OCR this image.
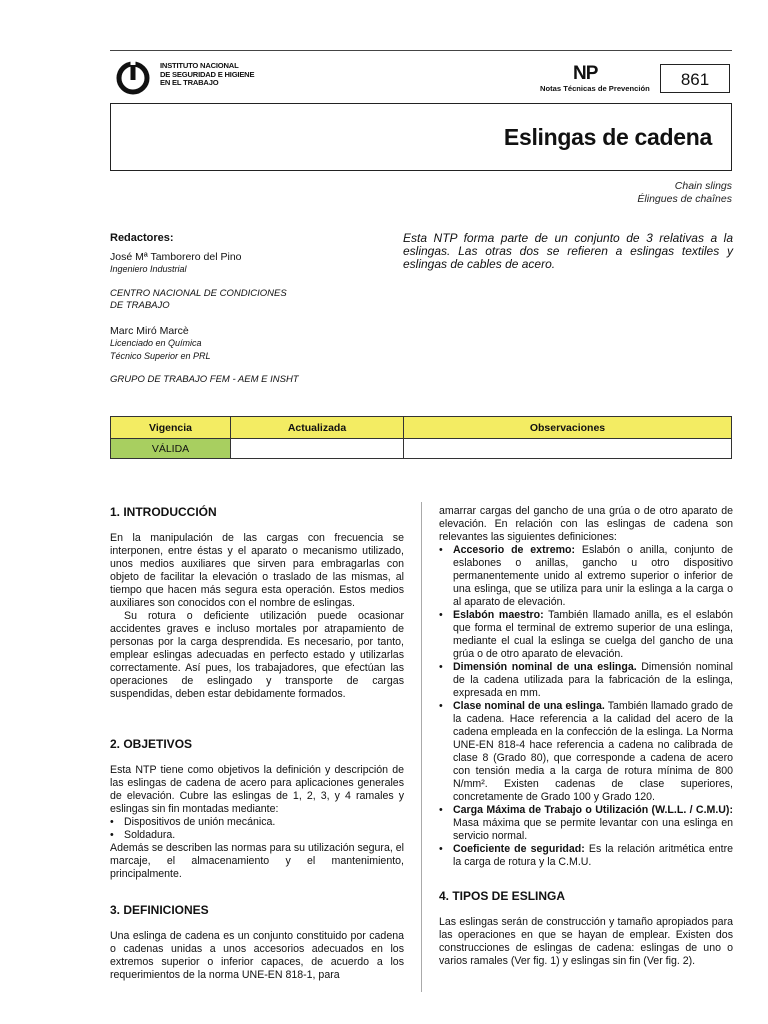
INSTITUTO NACIONAL
DE SEGURIDAD E HIGIENE
EN EL TRABAJO	NP
Notas Técnicas de Prevención	861
Eslingas de cadena
Chain slings
Élingues de chaînes
Redactores:
José Mª Tamborero del Pino
Ingeniero Industrial
CENTRO NACIONAL DE CONDICIONES
DE TRABAJO
Marc Miró Marcè
Licenciado en Química
Técnico Superior en PRL
GRUPO DE TRABAJO FEM - AEM E INSHT
Esta NTP forma parte de un conjunto de 3 relativas a la eslingas. Las otras dos se refieren a eslingas textiles y eslingas de cables de acero.
Vigencia	Actualizada	Observaciones
VÁLIDA		
1. INTRODUCCIÓN

En la manipulación de las cargas con frecuencia se interponen, entre éstas y el aparato o mecanismo utilizado, unos medios auxiliares que sirven para embragarlas con objeto de facilitar la elevación o traslado de las mismas, al tiempo que hacen más segura esta operación. Estos medios auxiliares son conocidos con el nombre de eslingas.

Su rotura o deficiente utilización puede ocasionar accidentes graves e incluso mortales por atrapamiento de personas por la carga desprendida. Es necesario, por tanto, emplear eslingas adecuadas en perfecto estado y utilizarlas correctamente. Así pues, los trabajadores, que efectúan las operaciones de eslingado y transporte de cargas suspendidas, deben estar debidamente formados.

2. OBJETIVOS

Esta NTP tiene como objetivos la definición y descripción de las eslingas de cadena de acero para aplicaciones generales de elevación. Cubre las eslingas de 1, 2, 3, y 4 ramales y eslingas sin fin montadas mediante:

• Dispositivos de unión mecánica.
• Soldadura.

Además se describen las normas para su utilización segura, el marcaje, el almacenamiento y el mantenimiento, principalmente.

3. DEFINICIONES

Una eslinga de cadena es un conjunto constituido por cadena o cadenas unidas a unos accesorios adecuados en los extremos superior o inferior capaces, de acuerdo a los requerimientos de la norma UNE-EN 818-1, para

amarrar cargas del gancho de una grúa o de otro aparato de elevación. En relación con las eslingas de cadena son relevantes las siguientes definiciones:

• Accesorio de extremo: Eslabón o anilla, conjunto de eslabones o anillas, gancho u otro dispositivo permanentemente unido al extremo superior o inferior de una eslinga, que se utiliza para unir la eslinga a la carga o al aparato de elevación.
• Eslabón maestro: También llamado anilla, es el eslabón que forma el terminal de extremo superior de una eslinga, mediante el cual la eslinga se cuelga del gancho de una grúa o de otro aparato de elevación.
• Dimensión nominal de una eslinga. Dimensión nominal de la cadena utilizada para la fabricación de la eslinga, expresada en mm.
• Clase nominal de una eslinga. También llamado grado de la cadena. Hace referencia a la calidad del acero de la cadena empleada en la confección de la eslinga. La Norma UNE-EN 818-4 hace referencia a cadena no calibrada de clase 8 (Grado 80), que corresponde a cadena de acero con tensión media a la carga de rotura mínima de 800 N/mm². Existen cadenas de clase superiores, concretamente de Grado 100 y Grado 120.
• Carga Máxima de Trabajo o Utilización (W.L.L. / C.M.U): Masa máxima que se permite levantar con una eslinga en servicio normal.
• Coeficiente de seguridad: Es la relación aritmética entre la carga de rotura y la C.M.U.
4. TIPOS DE ESLINGA

Las eslingas serán de construcción y tamaño apropiados para las operaciones en que se hayan de emplear. Existen dos construcciones de eslingas de cadena: eslingas de uno o varios ramales (Ver fig. 1) y eslingas sin fin (Ver fig. 2).
